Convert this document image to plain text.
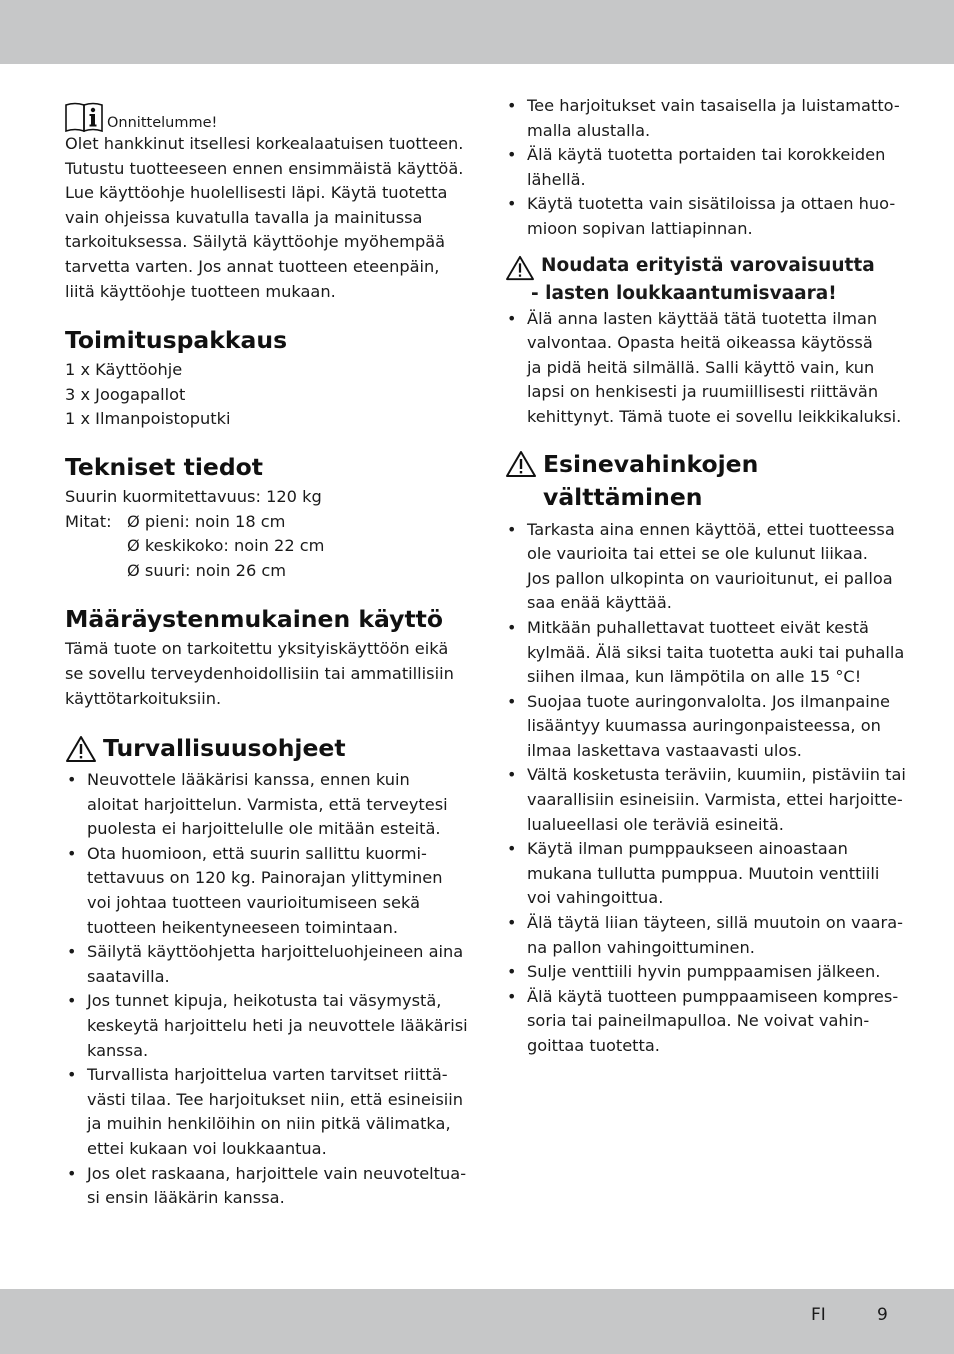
Onnittelumme!

Olet hankkinut itsellesi korkealaatuisen tuotteen.

Tutustu tuotteeseen ennen ensimmäistä käyttöä.

Lue käyttöohje huolellisesti läpi. Käytä tuotetta

vain ohjeissa kuvatulla tavalla ja mainitussa

tarkoituksessa. Säilytä käyttöohje myöhempää

tarvetta varten. Jos annat tuotteen eteenpäin,

liitä käyttöohje tuotteen mukaan.

Toimituspakkaus

1 x Käyttöohje

3 x Joogapallot

1 x Ilmanpoistoputki

Tekniset tiedot

Suurin kuormitettavuus: 120 kg

Mitat: Ø pieni: noin 18 cm
Ø keskikoko: noin 22 cm
Ø suuri: noin 26 cm
Määräystenmukainen käyttö

Tämä tuote on tarkoitettu yksityiskäyttöön eikä

se sovellu terveydenhoidollisiin tai ammatillisiin

käyttötarkoituksiin.

Turvallisuusohjeet
• Neuvottele lääkärisi kanssa, ennen kuin
aloitat harjoittelun. Varmista, että terveytesi
puolesta ei harjoittelulle ole mitään esteitä.
• Ota huomioon, että suurin sallittu kuormi-
tettavuus on 120 kg. Painorajan ylittyminen
voi johtaa tuotteen vaurioitumiseen sekä
tuotteen heikentyneeseen toimintaan.
• Säilytä käyttöohjetta harjoitteluohjeineen aina
saatavilla.
• Jos tunnet kipuja, heikotusta tai väsymystä,
keskeytä harjoittelu heti ja neuvottele lääkärisi
kanssa.
• Turvallista harjoittelua varten tarvitset riittä-
västi tilaa. Tee harjoitukset niin, että esineisiin
ja muihin henkilöihin on niin pitkä välimatka,
ettei kukaan voi loukkaantua.
• Jos olet raskaana, harjoittele vain neuvoteltua-
si ensin lääkärin kanssa.
• Tee harjoitukset vain tasaisella ja luistamatto-
malla alustalla.
• Älä käytä tuotetta portaiden tai korokkeiden
lähellä.
• Käytä tuotetta vain sisätiloissa ja ottaen huo-
mioon sopivan lattiapinnan.
Noudata erityistä varovaisuutta
- lasten loukkaantumisvaara!
• Älä anna lasten käyttää tätä tuotetta ilman
valvontaa. Opasta heitä oikeassa käytössä
ja pidä heitä silmällä. Salli käyttö vain, kun
lapsi on henkisesti ja ruumiillisesti riittävän
kehittynyt. Tämä tuote ei sovellu leikkikaluksi.
Esinevahinkojen
välttäminen
• Tarkasta aina ennen käyttöä, ettei tuotteessa
ole vaurioita tai ettei se ole kulunut liikaa.
Jos pallon ulkopinta on vaurioitunut, ei palloa
saa enää käyttää.
• Mitkään puhallettavat tuotteet eivät kestä
kylmää. Älä siksi taita tuotetta auki tai puhalla
siihen ilmaa, kun lämpötila on alle 15 °C!
• Suojaa tuote auringonvalolta. Jos ilmanpaine
lisääntyy kuumassa auringonpaisteessa, on
ilmaa laskettava vastaavasti ulos.
• Vältä kosketusta teräviin, kuumiin, pistäviin tai
vaarallisiin esineisiin. Varmista, ettei harjoitte-
lualueellasi ole teräviä esineitä.
• Käytä ilman pumppaukseen ainoastaan
mukana tullutta pumppua. Muutoin venttiili
voi vahingoittua.
• Älä täytä liian täyteen, sillä muutoin on vaara-
na pallon vahingoittuminen.
• Sulje venttiili hyvin pumppaamisen jälkeen.
• Älä käytä tuotteen pumppaamiseen kompres-
soria tai paineilmapulloa. Ne voivat vahin-
goittaa tuotetta.
FI	9
